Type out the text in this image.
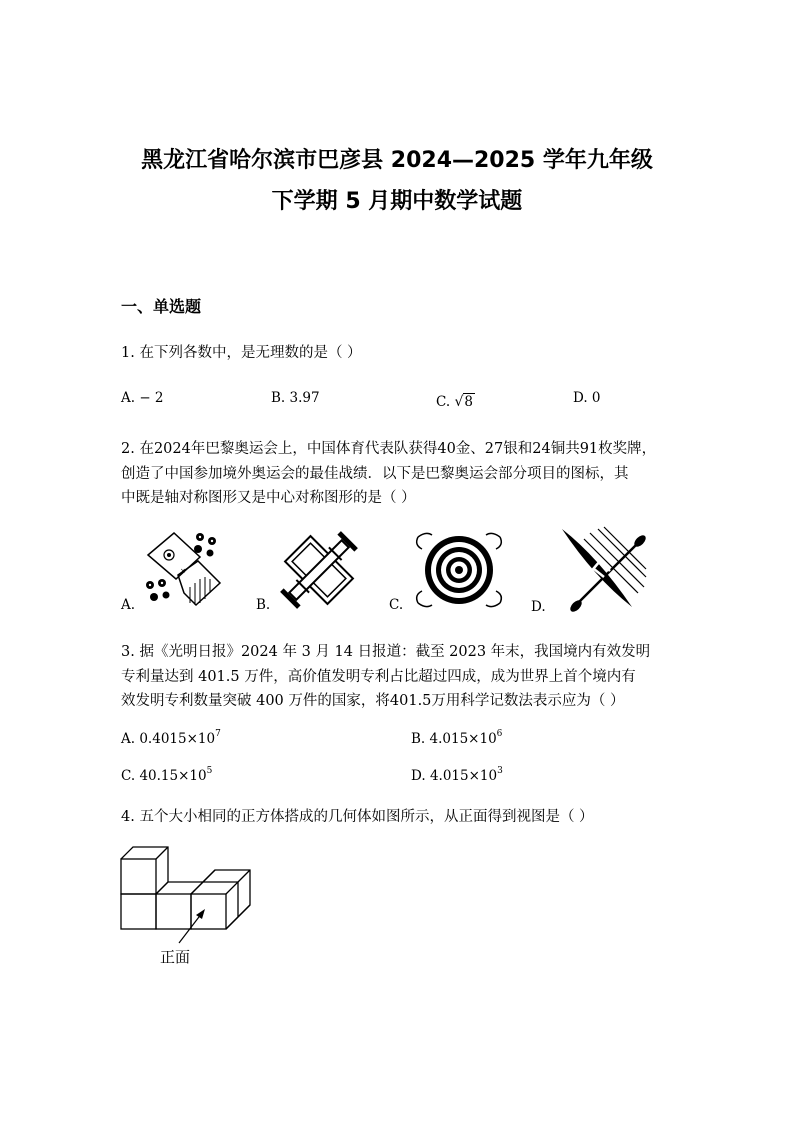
黑龙江省哈尔滨市巴彦县 2024—2025 学年九年级
下学期 5 月期中数学试题
一、单选题
1. 在下列各数中，是无理数的是（ ）
A. − 2	B. 3.97	C. √8	D. 0
2. 在2024年巴黎奥运会上，中国体育代表队获得40金、27银和24铜共91枚奖牌，
创造了中国参加境外奥运会的最佳战绩．以下是巴黎奥运会部分项目的图标，其
中既是轴对称图形又是中心对称图形的是（ ）
×
A.	B.	C.	D.
3. 据《光明日报》2024 年 3 月 14 日报道：截至 2023 年末，我国境内有效发明
专利量达到 401.5 万件，高价值发明专利占比超过四成，成为世界上首个境内有
效发明专利数量突破 400 万件的国家，将401.5万用科学记数法表示应为（ ）
A. $0.4015\times 10^7$	B. $4.015\times 10^6$
C. $40.15\times 10^5$	D. $4.015\times 10^3$
4. 五个大小相同的正方体搭成的几何体如图所示，从正面得到视图是（ ）
正面
